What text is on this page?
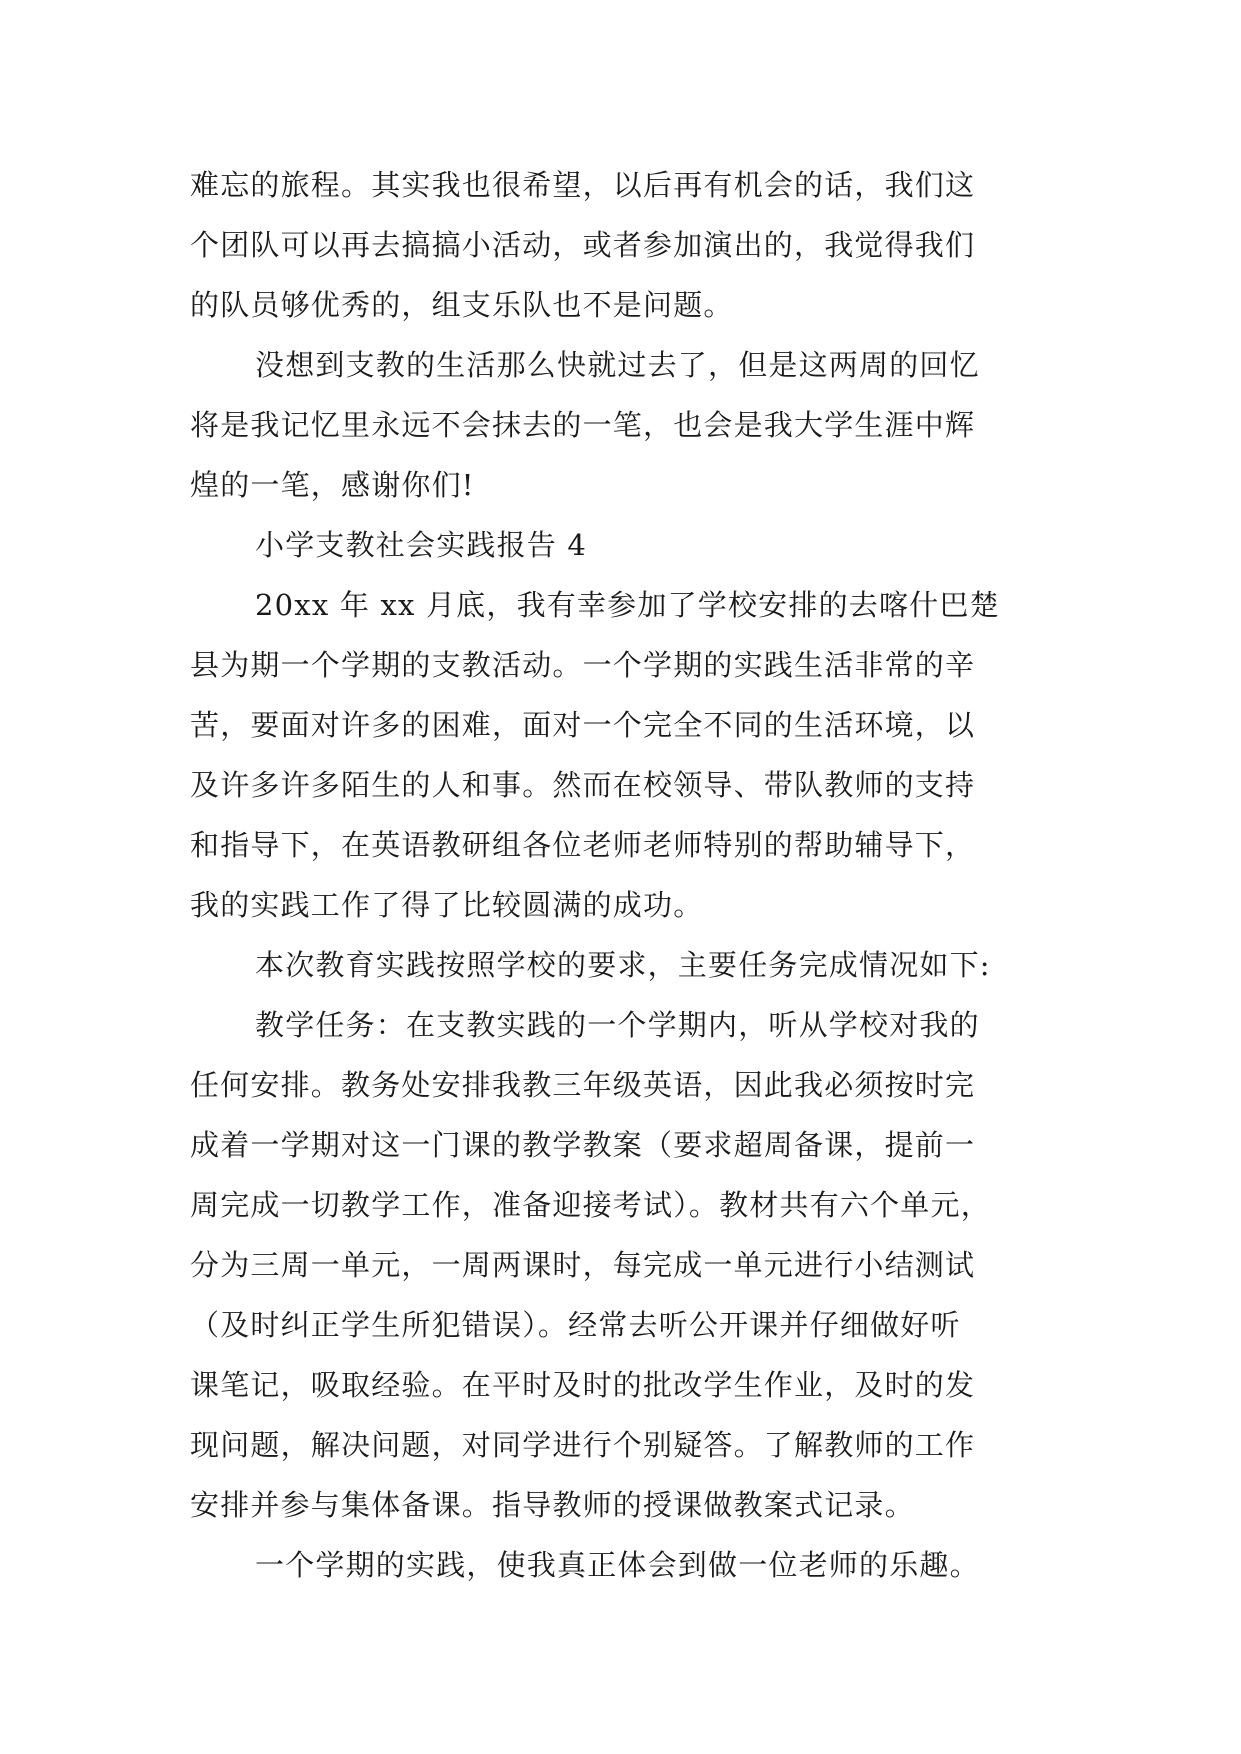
难忘的旅程。其实我也很希望，以后再有机会的话，我们这
个团队可以再去搞搞小活动，或者参加演出的，我觉得我们
的队员够优秀的，组支乐队也不是问题。
没想到支教的生活那么快就过去了，但是这两周的回忆
将是我记忆里永远不会抹去的一笔，也会是我大学生涯中辉
煌的一笔，感谢你们!
小学支教社会实践报告 4
20xx 年 xx 月底，我有幸参加了学校安排的去喀什巴楚
县为期一个学期的支教活动。一个学期的实践生活非常的辛
苦，要面对许多的困难，面对一个完全不同的生活环境，以
及许多许多陌生的人和事。然而在校领导、带队教师的支持
和指导下，在英语教研组各位老师老师特别的帮助辅导下，
我的实践工作了得了比较圆满的成功。
本次教育实践按照学校的要求，主要任务完成情况如下:
教学任务：在支教实践的一个学期内，听从学校对我的
任何安排。教务处安排我教三年级英语，因此我必须按时完
成着一学期对这一门课的教学教案（要求超周备课，提前一
周完成一切教学工作，准备迎接考试）。教材共有六个单元，
分为三周一单元，一周两课时，每完成一单元进行小结测试
（及时纠正学生所犯错误）。经常去听公开课并仔细做好听
课笔记，吸取经验。在平时及时的批改学生作业，及时的发
现问题，解决问题，对同学进行个别疑答。了解教师的工作
安排并参与集体备课。指导教师的授课做教案式记录。
一个学期的实践，使我真正体会到做一位老师的乐趣。
